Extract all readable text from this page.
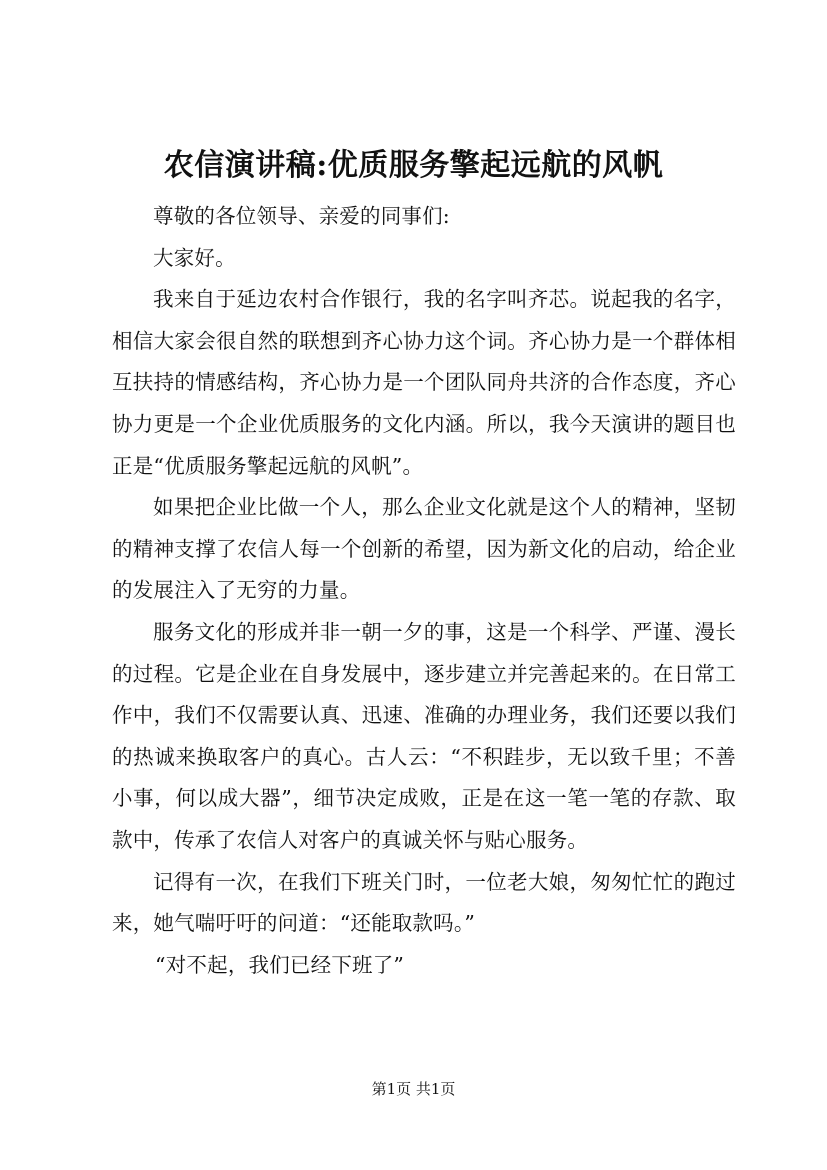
农信演讲稿:优质服务擎起远航的风帆

尊敬的各位领导、亲爱的同事们:

大家好。

我来自于延边农村合作银行，我的名字叫齐芯。说起我的名字，相信大家会很自然的联想到齐心协力这个词。齐心协力是一个群体相互扶持的情感结构，齐心协力是一个团队同舟共济的合作态度，齐心协力更是一个企业优质服务的文化内涵。所以，我今天演讲的题目也正是“优质服务擎起远航的风帆”。

如果把企业比做一个人，那么企业文化就是这个人的精神，坚韧的精神支撑了农信人每一个创新的希望，因为新文化的启动，给企业的发展注入了无穷的力量。

服务文化的形成并非一朝一夕的事，这是一个科学、严谨、漫长的过程。它是企业在自身发展中，逐步建立并完善起来的。在日常工作中，我们不仅需要认真、迅速、准确的办理业务，我们还要以我们的热诚来换取客户的真心。古人云：“不积跬步，无以致千里；不善小事，何以成大器”，细节决定成败，正是在这一笔一笔的存款、取款中，传承了农信人对客户的真诚关怀与贴心服务。

记得有一次，在我们下班关门时，一位老大娘，匆匆忙忙的跑过来，她气喘吁吁的问道：“还能取款吗。”

“对不起，我们已经下班了”

第1页 共1页
